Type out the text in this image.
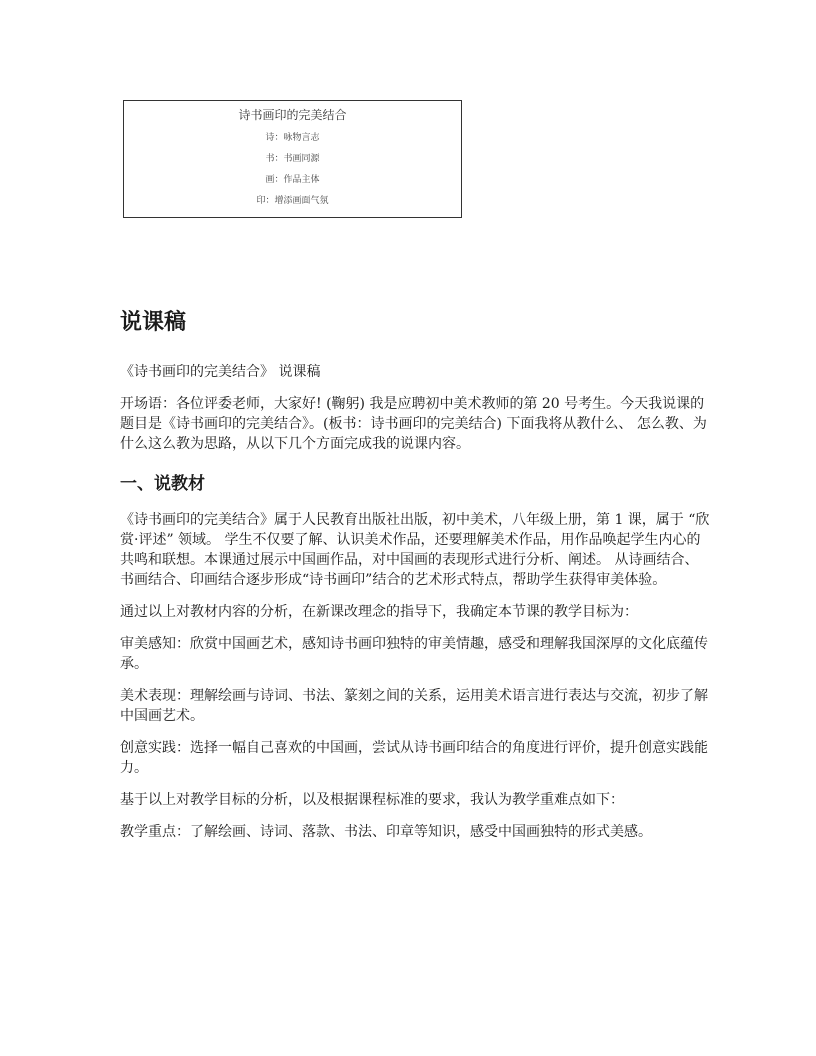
诗书画印的完美结合
诗：咏物言志
书：书画同源
画：作品主体
印：增添画面气氛
说课稿

《诗书画印的完美结合》 说课稿

开场语：各位评委老师，大家好! (鞠躬) 我是应聘初中美术教师的第 20 号考生。今天我说课的题目是《诗书画印的完美结合》。(板书：诗书画印的完美结合) 下面我将从教什么、 怎么教、为什么这么教为思路，从以下几个方面完成我的说课内容。

一、说教材

《诗书画印的完美结合》属于人民教育出版社出版，初中美术，八年级上册，第 1 课，属于 “欣赏·评述” 领域。 学生不仅要了解、认识美术作品，还要理解美术作品，用作品唤起学生内心的共鸣和联想。本课通过展示中国画作品，对中国画的表现形式进行分析、阐述。 从诗画结合、书画结合、印画结合逐步形成“诗书画印”结合的艺术形式特点，帮助学生获得审美体验。

通过以上对教材内容的分析，在新课改理念的指导下，我确定本节课的教学目标为：

审美感知：欣赏中国画艺术，感知诗书画印独特的审美情趣，感受和理解我国深厚的文化底蕴传承。

美术表现：理解绘画与诗词、书法、篆刻之间的关系，运用美术语言进行表达与交流，初步了解中国画艺术。

创意实践：选择一幅自己喜欢的中国画，尝试从诗书画印结合的角度进行评价，提升创意实践能力。

基于以上对教学目标的分析，以及根据课程标准的要求，我认为教学重难点如下：

教学重点：了解绘画、诗词、落款、书法、印章等知识，感受中国画独特的形式美感。
